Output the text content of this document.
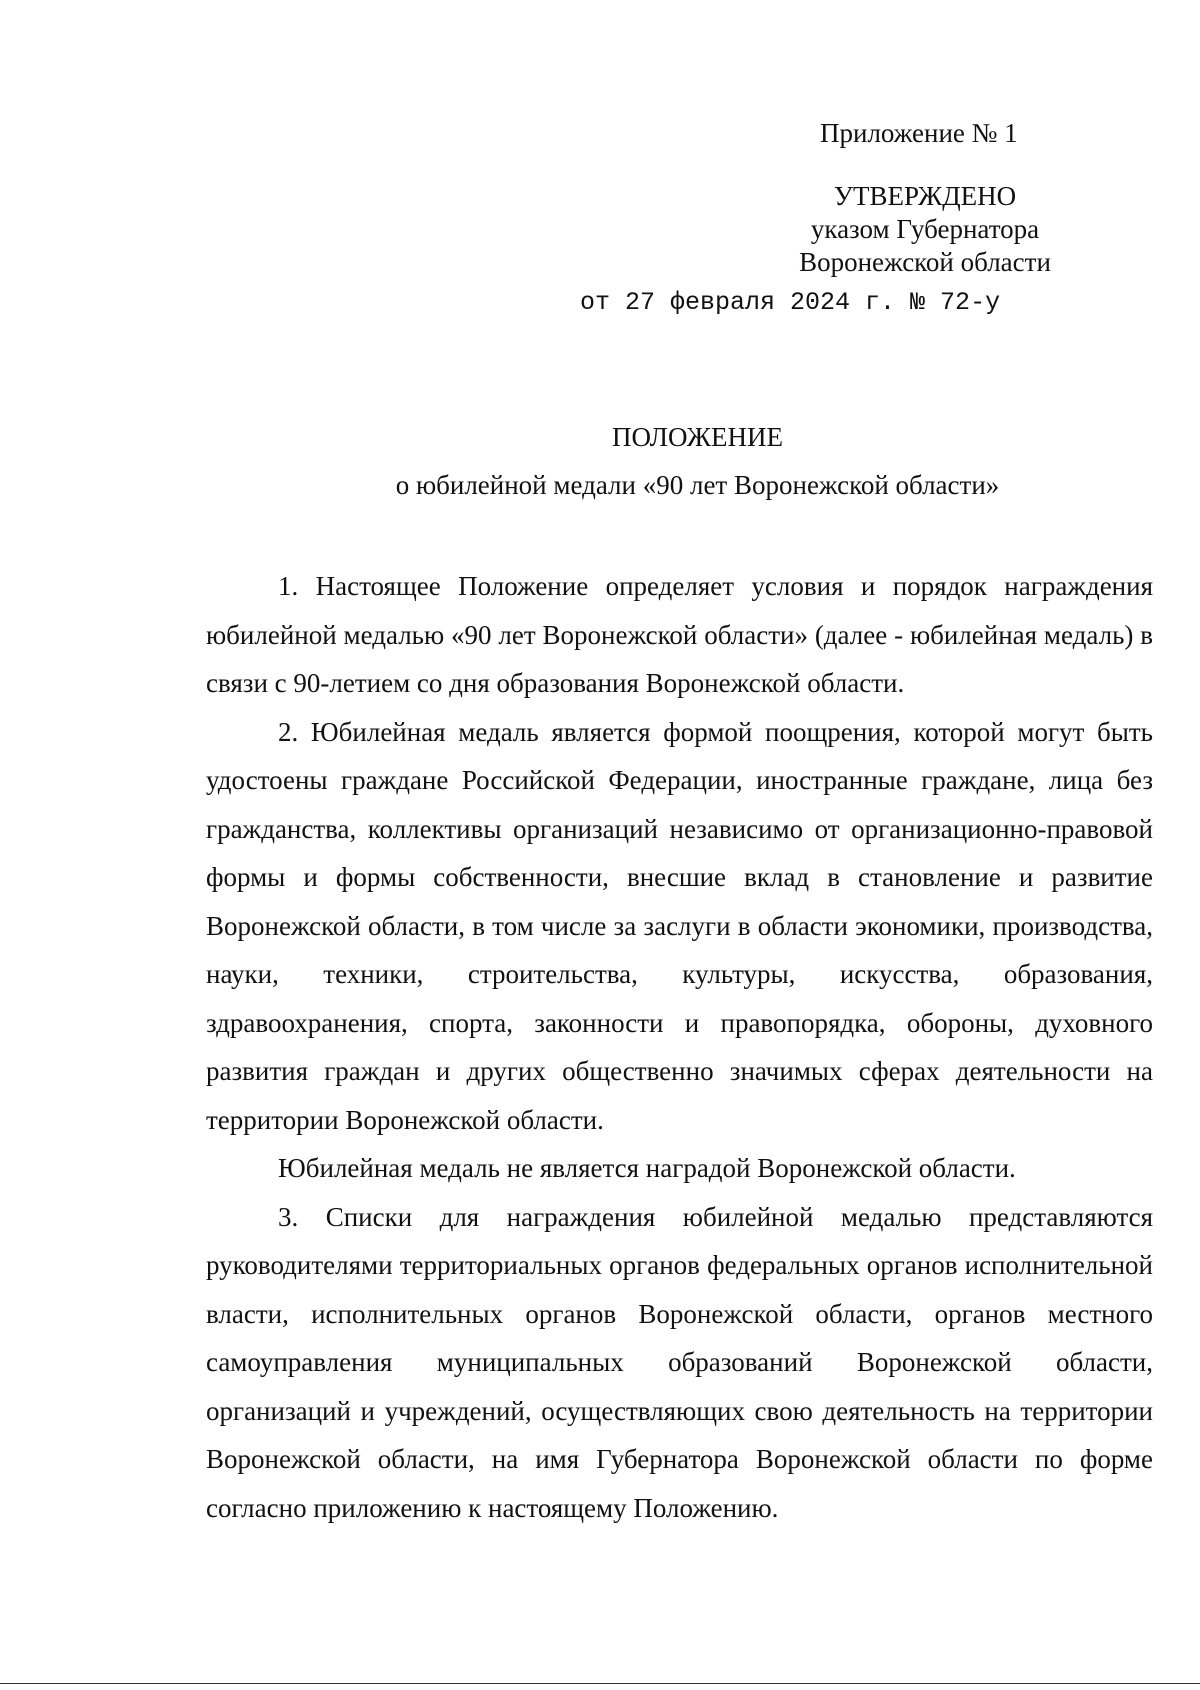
Приложение № 1
УТВЕРЖДЕНО
указом Губернатора
Воронежской области
от 27 февраля 2024 г. № 72-у
ПОЛОЖЕНИЕ
о юбилейной медали «90 лет Воронежской области»

1. Настоящее Положение определяет условия и порядок награждения юбилейной медалью «90 лет Воронежской области» (далее - юбилейная медаль) в связи с 90-летием со дня образования Воронежской области.

2. Юбилейная медаль является формой поощрения, которой могут быть удостоены граждане Российской Федерации, иностранные граждане, лица без гражданства, коллективы организаций независимо от организационно-правовой формы и формы собственности, внесшие вклад в становление и развитие Воронежской области, в том числе за заслуги в области экономики, производства, науки, техники, строительства, культуры, искусства, образования, здравоохранения, спорта, законности и правопорядка, обороны, духовного развития граждан и других общественно значимых сферах деятельности на территории Воронежской области.

Юбилейная медаль не является наградой Воронежской области.

3. Списки для награждения юбилейной медалью представляются руководителями территориальных органов федеральных органов исполнительной власти, исполнительных органов Воронежской области, органов местного самоуправления муниципальных образований Воронежской области, организаций и учреждений, осуществляющих свою деятельность на территории Воронежской области, на имя Губернатора Воронежской области по форме согласно приложению к настоящему Положению.
